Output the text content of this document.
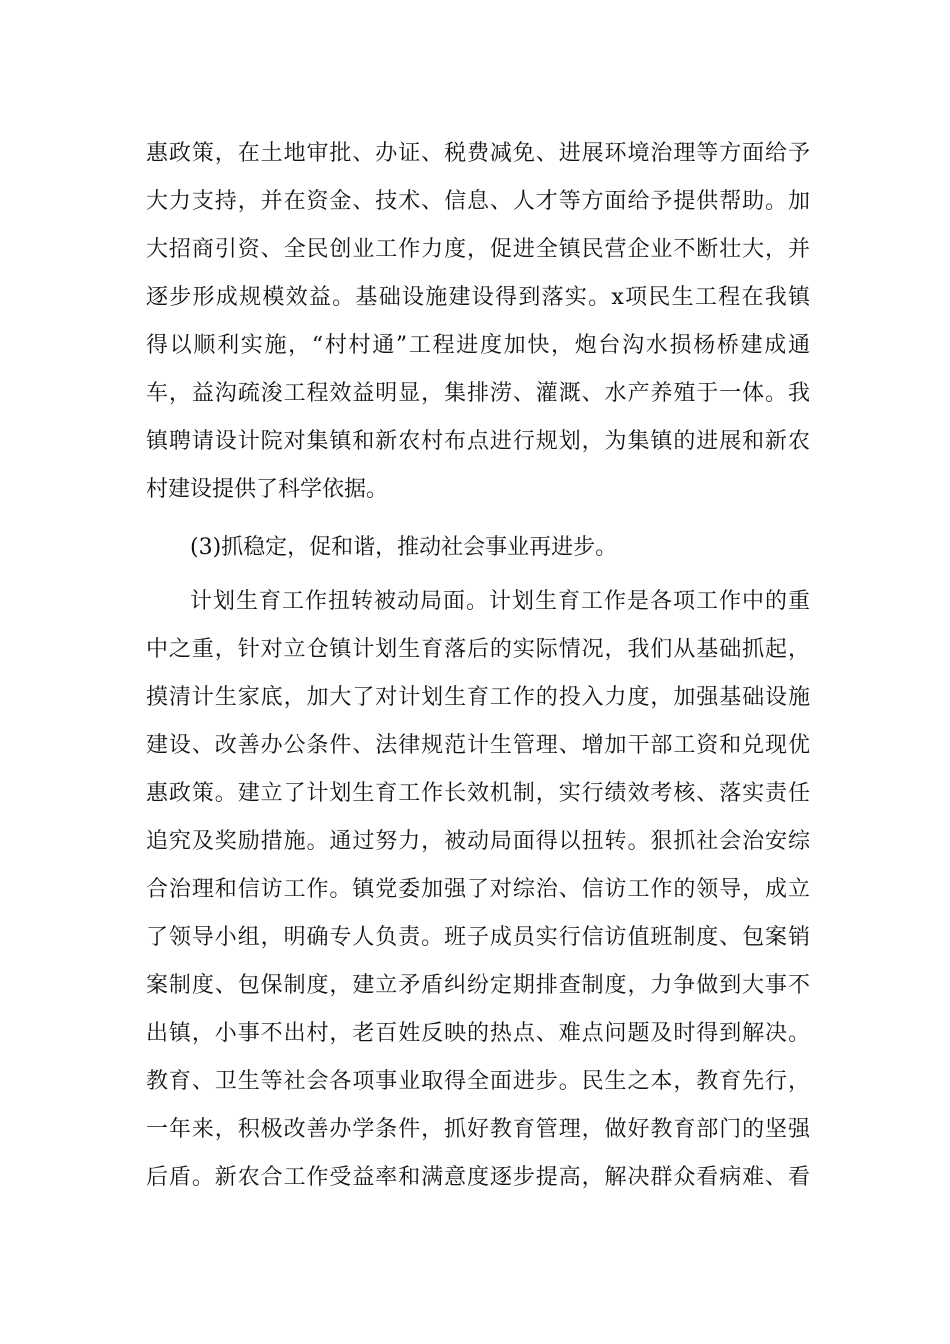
惠政策，在土地审批、办证、税费减免、进展环境治理等方面给予
大力支持，并在资金、技术、信息、人才等方面给予提供帮助。加
大招商引资、全民创业工作力度，促进全镇民营企业不断壮大，并
逐步形成规模效益。基础设施建设得到落实。x项民生工程在我镇
得以顺利实施，“村村通”工程进度加快，炮台沟水损杨桥建成通
车，益沟疏浚工程效益明显，集排涝、灌溉、水产养殖于一体。我
镇聘请设计院对集镇和新农村布点进行规划，为集镇的进展和新农
村建设提供了科学依据。
(3)抓稳定，促和谐，推动社会事业再进步。
计划生育工作扭转被动局面。计划生育工作是各项工作中的重
中之重，针对立仓镇计划生育落后的实际情况，我们从基础抓起，
摸清计生家底，加大了对计划生育工作的投入力度，加强基础设施
建设、改善办公条件、法律规范计生管理、增加干部工资和兑现优
惠政策。建立了计划生育工作长效机制，实行绩效考核、落实责任
追究及奖励措施。通过努力，被动局面得以扭转。狠抓社会治安综
合治理和信访工作。镇党委加强了对综治、信访工作的领导，成立
了领导小组，明确专人负责。班子成员实行信访值班制度、包案销
案制度、包保制度，建立矛盾纠纷定期排查制度，力争做到大事不
出镇，小事不出村，老百姓反映的热点、难点问题及时得到解决。
教育、卫生等社会各项事业取得全面进步。民生之本，教育先行，
一年来，积极改善办学条件，抓好教育管理，做好教育部门的坚强
后盾。新农合工作受益率和满意度逐步提高，解决群众看病难、看
